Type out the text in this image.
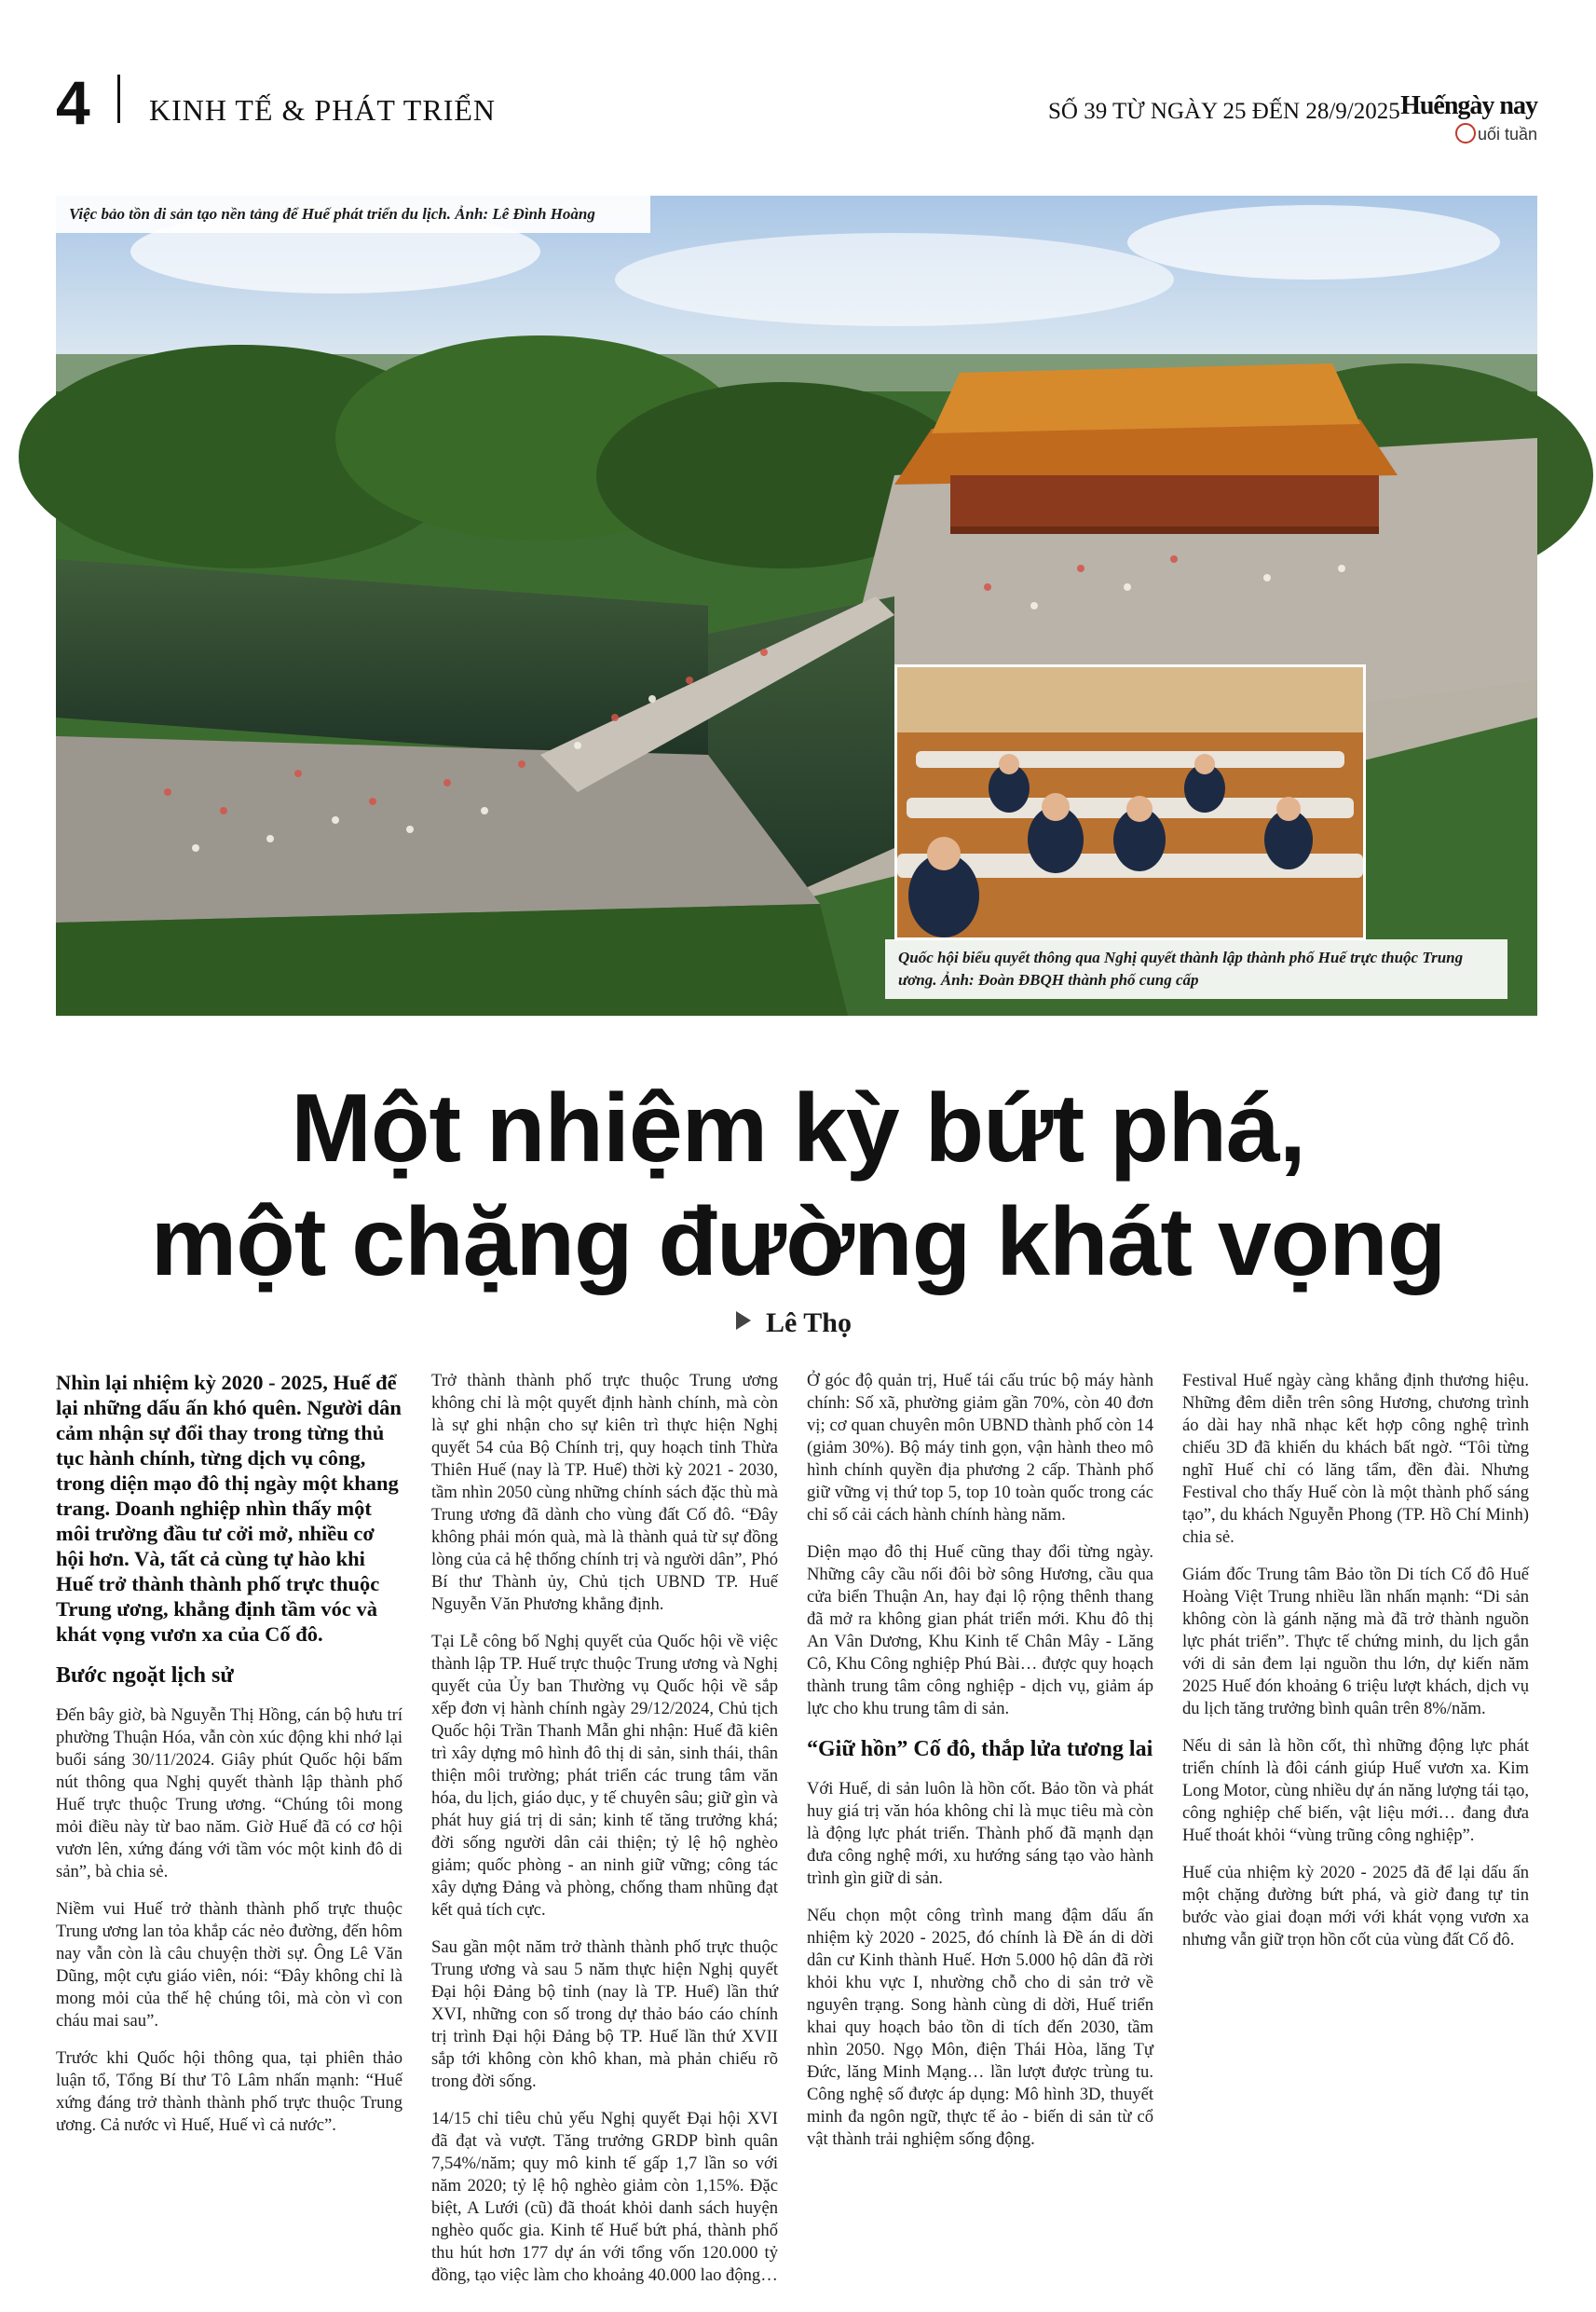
4 KINH TẾ & PHÁT TRIỂN	SỐ 39 TỪ NGÀY 25 ĐẾN 28/9/2025 Huếngày nay
uối tuần
Việc bảo tồn di sản tạo nền tảng để Huế phát triển du lịch. Ảnh: Lê Đình Hoàng
Quốc hội biểu quyết thông qua Nghị quyết thành lập thành phố Huế trực thuộc Trung ương. Ảnh: Đoàn ĐBQH thành phố cung cấp
Một nhiệm kỳ bứt phá,
một chặng đường khát vọng
Lê Thọ

Nhìn lại nhiệm kỳ 2020 - 2025, Huế để lại những dấu ấn khó quên. Người dân cảm nhận sự đổi thay trong từng thủ tục hành chính, từng dịch vụ công, trong diện mạo đô thị ngày một khang trang. Doanh nghiệp nhìn thấy một môi trường đầu tư cởi mở, nhiều cơ hội hơn. Và, tất cả cùng tự hào khi Huế trở thành thành phố trực thuộc Trung ương, khẳng định tầm vóc và khát vọng vươn xa của Cố đô.

Bước ngoặt lịch sử

Đến bây giờ, bà Nguyễn Thị Hồng, cán bộ hưu trí phường Thuận Hóa, vẫn còn xúc động khi nhớ lại buổi sáng 30/11/2024. Giây phút Quốc hội bấm nút thông qua Nghị quyết thành lập thành phố Huế trực thuộc Trung ương. “Chúng tôi mong mỏi điều này từ bao năm. Giờ Huế đã có cơ hội vươn lên, xứng đáng với tầm vóc một kinh đô di sản”, bà chia sẻ.

Niềm vui Huế trở thành thành phố trực thuộc Trung ương lan tỏa khắp các nẻo đường, đến hôm nay vẫn còn là câu chuyện thời sự. Ông Lê Văn Dũng, một cựu giáo viên, nói: “Đây không chỉ là mong mỏi của thế hệ chúng tôi, mà còn vì con cháu mai sau”.

Trước khi Quốc hội thông qua, tại phiên thảo luận tổ, Tổng Bí thư Tô Lâm nhấn mạnh: “Huế xứng đáng trở thành thành phố trực thuộc Trung ương. Cả nước vì Huế, Huế vì cả nước”.

Trở thành thành phố trực thuộc Trung ương không chỉ là một quyết định hành chính, mà còn là sự ghi nhận cho sự kiên trì thực hiện Nghị quyết 54 của Bộ Chính trị, quy hoạch tỉnh Thừa Thiên Huế (nay là TP. Huế) thời kỳ 2021 - 2030, tầm nhìn 2050 cùng những chính sách đặc thù mà Trung ương đã dành cho vùng đất Cố đô. “Đây không phải món quà, mà là thành quả từ sự đồng lòng của cả hệ thống chính trị và người dân”, Phó Bí thư Thành ủy, Chủ tịch UBND TP. Huế Nguyễn Văn Phương khẳng định.

Tại Lễ công bố Nghị quyết của Quốc hội về việc thành lập TP. Huế trực thuộc Trung ương và Nghị quyết của Ủy ban Thường vụ Quốc hội về sắp xếp đơn vị hành chính ngày 29/12/2024, Chủ tịch Quốc hội Trần Thanh Mẫn ghi nhận: Huế đã kiên trì xây dựng mô hình đô thị di sản, sinh thái, thân thiện môi trường; phát triển các trung tâm văn hóa, du lịch, giáo dục, y tế chuyên sâu; giữ gìn và phát huy giá trị di sản; kinh tế tăng trưởng khá; đời sống người dân cải thiện; tỷ lệ hộ nghèo giảm; quốc phòng - an ninh giữ vững; công tác xây dựng Đảng và phòng, chống tham nhũng đạt kết quả tích cực.

Sau gần một năm trở thành thành phố trực thuộc Trung ương và sau 5 năm thực hiện Nghị quyết Đại hội Đảng bộ tỉnh (nay là TP. Huế) lần thứ XVI, những con số trong dự thảo báo cáo chính trị trình Đại hội Đảng bộ TP. Huế lần thứ XVII sắp tới không còn khô khan, mà phản chiếu rõ trong đời sống.

14/15 chỉ tiêu chủ yếu Nghị quyết Đại hội XVI đã đạt và vượt. Tăng trưởng GRDP bình quân 7,54%/năm; quy mô kinh tế gấp 1,7 lần so với năm 2020; tỷ lệ hộ nghèo giảm còn 1,15%. Đặc biệt, A Lưới (cũ) đã thoát khỏi danh sách huyện nghèo quốc gia. Kinh tế Huế bứt phá, thành phố thu hút hơn 177 dự án với tổng vốn 120.000 tỷ đồng, tạo việc làm cho khoảng 40.000 lao động…

Ở góc độ quản trị, Huế tái cấu trúc bộ máy hành chính: Số xã, phường giảm gần 70%, còn 40 đơn vị; cơ quan chuyên môn UBND thành phố còn 14 (giảm 30%). Bộ máy tinh gọn, vận hành theo mô hình chính quyền địa phương 2 cấp. Thành phố giữ vững vị thứ top 5, top 10 toàn quốc trong các chỉ số cải cách hành chính hàng năm.

Diện mạo đô thị Huế cũng thay đổi từng ngày. Những cây cầu nối đôi bờ sông Hương, cầu qua cửa biển Thuận An, hay đại lộ rộng thênh thang đã mở ra không gian phát triển mới. Khu đô thị An Vân Dương, Khu Kinh tế Chân Mây - Lăng Cô, Khu Công nghiệp Phú Bài… được quy hoạch thành trung tâm công nghiệp - dịch vụ, giảm áp lực cho khu trung tâm di sản.

“Giữ hồn” Cố đô, thắp lửa tương lai

Với Huế, di sản luôn là hồn cốt. Bảo tồn và phát huy giá trị văn hóa không chỉ là mục tiêu mà còn là động lực phát triển. Thành phố đã mạnh dạn đưa công nghệ mới, xu hướng sáng tạo vào hành trình gìn giữ di sản.

Nếu chọn một công trình mang đậm dấu ấn nhiệm kỳ 2020 - 2025, đó chính là Đề án di dời dân cư Kinh thành Huế. Hơn 5.000 hộ dân đã rời khỏi khu vực I, nhường chỗ cho di sản trở về nguyên trạng. Song hành cùng di dời, Huế triển khai quy hoạch bảo tồn di tích đến 2030, tầm nhìn 2050. Ngọ Môn, điện Thái Hòa, lăng Tự Đức, lăng Minh Mạng… lần lượt được trùng tu. Công nghệ số được áp dụng: Mô hình 3D, thuyết minh đa ngôn ngữ, thực tế ảo - biến di sản từ cổ vật thành trải nghiệm sống động.

Festival Huế ngày càng khẳng định thương hiệu. Những đêm diễn trên sông Hương, chương trình áo dài hay nhã nhạc kết hợp công nghệ trình chiếu 3D đã khiến du khách bất ngờ. “Tôi từng nghĩ Huế chỉ có lăng tẩm, đền đài. Nhưng Festival cho thấy Huế còn là một thành phố sáng tạo”, du khách Nguyễn Phong (TP. Hồ Chí Minh) chia sẻ.

Giám đốc Trung tâm Bảo tồn Di tích Cố đô Huế Hoàng Việt Trung nhiều lần nhấn mạnh: “Di sản không còn là gánh nặng mà đã trở thành nguồn lực phát triển”. Thực tế chứng minh, du lịch gắn với di sản đem lại nguồn thu lớn, dự kiến năm 2025 Huế đón khoảng 6 triệu lượt khách, dịch vụ du lịch tăng trưởng bình quân trên 8%/năm.

Nếu di sản là hồn cốt, thì những động lực phát triển chính là đôi cánh giúp Huế vươn xa. Kim Long Motor, cùng nhiều dự án năng lượng tái tạo, công nghiệp chế biến, vật liệu mới… đang đưa Huế thoát khỏi “vùng trũng công nghiệp”.

Huế của nhiệm kỳ 2020 - 2025 đã để lại dấu ấn một chặng đường bứt phá, và giờ đang tự tin bước vào giai đoạn mới với khát vọng vươn xa nhưng vẫn giữ trọn hồn cốt của vùng đất Cố đô.
